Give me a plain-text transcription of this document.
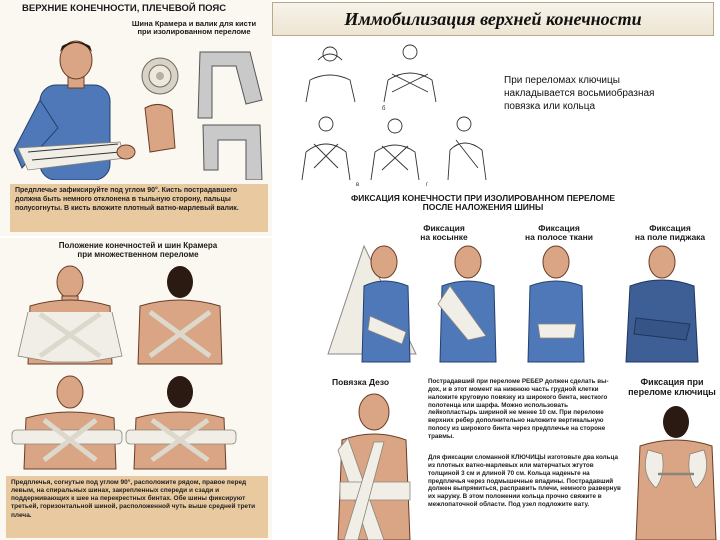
Иммобилизация верхней конечности
При переломах ключицы
накладывается восьмиобразная
повязка или кольца
ВЕРХНИЕ КОНЕЧНОСТИ, ПЛЕЧЕВОЙ ПОЯС
Шина Крамера и валик для кисти
при изолированном переломе
Предплечье зафиксируйте под углом 90°. Кисть пострадавшего должна быть немного отклонена в тыльную сторону, пальцы полусогнуты. В кисть вложите плотный ватно-марлевый валик.
б
в	г
Положение конечностей и шин Крамера
при множественном переломе
Предплечья, согнутые под углом 90°, расположите рядом, правое перед левым, на спиральных шинах, закрепленных спереди и сзади и поддерживающих к шее на перекрестных бинтах. Обе шины фиксируют третьей, горизонтальной шиной, расположенной чуть выше средней трети плеча.
ФИКСАЦИЯ КОНЕЧНОСТИ ПРИ ИЗОЛИРОВАННОМ ПЕРЕЛОМЕ
ПОСЛЕ НАЛОЖЕНИЯ ШИНЫ
Фиксация
на косынке
Фиксация
на полосе ткани
Фиксация
на поле пиджака
Повязка Дезо	Пострадавший при переломе РЕБЕР должен сделать вы-дох, и в этот момент на нижнюю часть грудной клетки наложите круговую повязку из широкого бинта, жесткого полотенца или шарфа. Можно использовать лейкопластырь шириной не менее 10 см. При переломе верхних ребер дополнительно наложите вертикальную полосу из широкого бинта через предплечье на стороне травмы.
Фиксация при
переломе ключицы
Для фиксации сломанной КЛЮЧИЦЫ изготовьте два кольца из плотных ватно-марлевых или матерчатых жгутов толщиной 3 см и длиной 70 см. Кольца наденьте на предплечья через подмышечные впадины. Пострадавший должен выпрямиться, расправить плечи, немного развернув их наружу. В этом положении кольца прочно свяжите в межлопаточной области. Под узел подложите вату.
